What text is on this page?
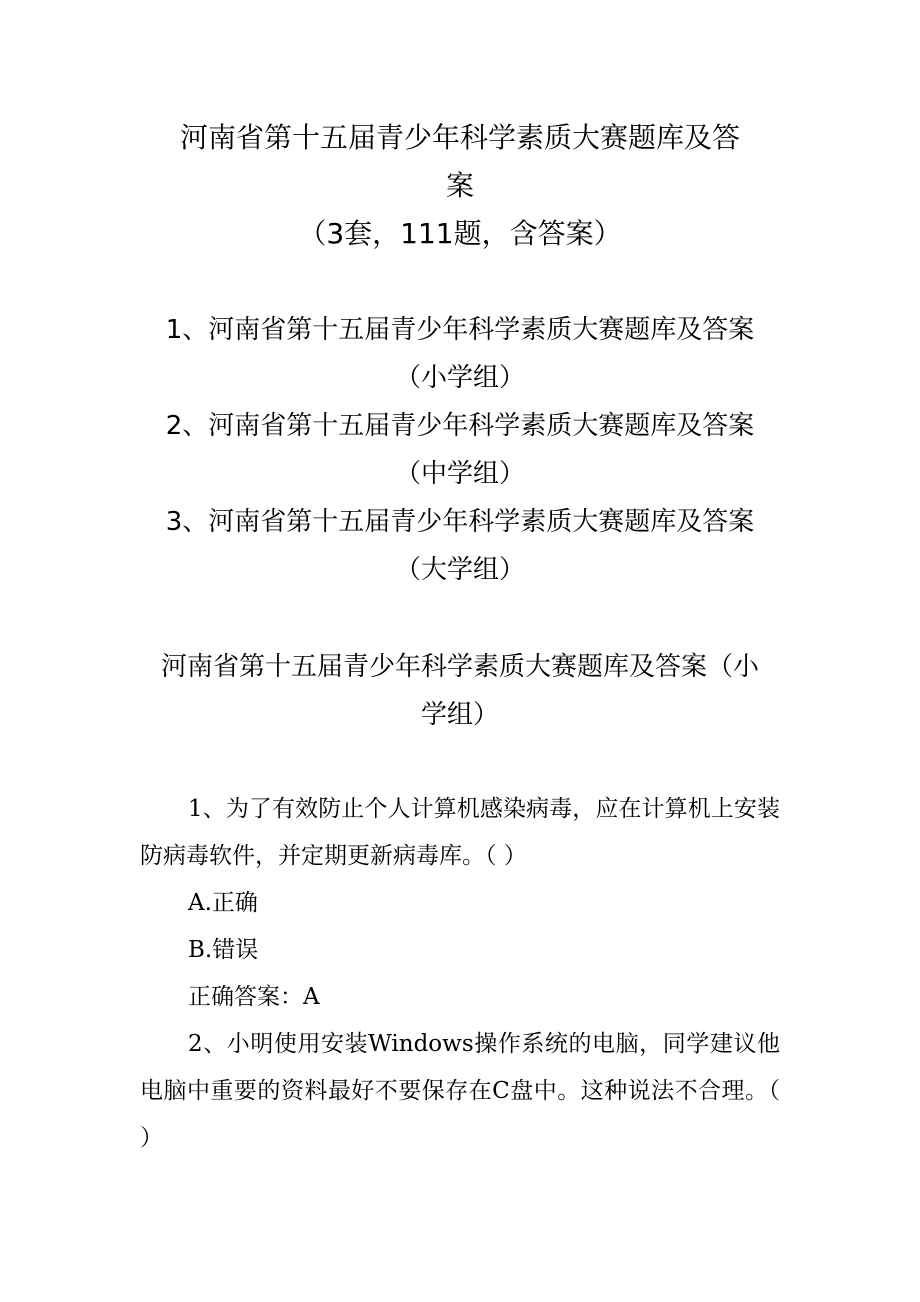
河南省第十五届青少年科学素质大赛题库及答
案
（3套，111题，含答案）
1、河南省第十五届青少年科学素质大赛题库及答案
（小学组）
2、河南省第十五届青少年科学素质大赛题库及答案
（中学组）
3、河南省第十五届青少年科学素质大赛题库及答案
（大学组）
河南省第十五届青少年科学素质大赛题库及答案（小
学组）

1、为了有效防止个人计算机感染病毒，应在计算机上安装防病毒软件，并定期更新病毒库。（ ）

A.正确

B.错误

正确答案：A

2、小明使用安装Windows操作系统的电脑，同学建议他电脑中重要的资料最好不要保存在C盘中。这种说法不合理。（ ）
